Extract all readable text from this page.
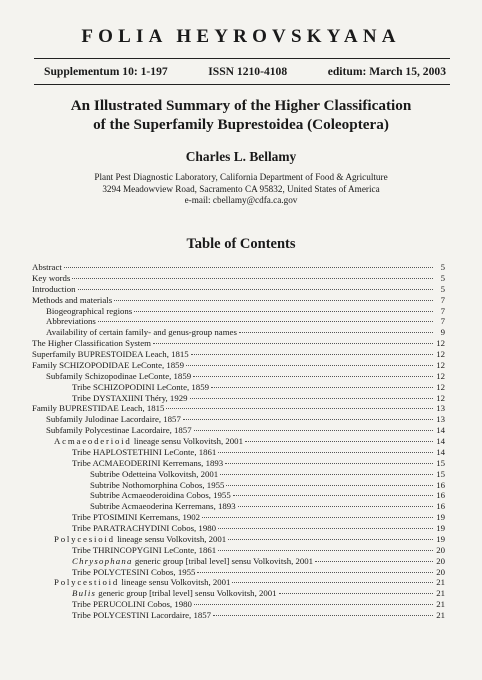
FOLIA HEYROVSKYANA
Supplementum 10: 1-197	ISSN 1210-4108	editum: March 15, 2003
An Illustrated Summary of the Higher Classification
of the Superfamily Buprestoidea (Coleoptera)
Charles L. Bellamy
Plant Pest Diagnostic Laboratory, California Department of Food & Agriculture
3294 Meadowview Road, Sacramento CA 95832, United States of America
e-mail: cbellamy@cdfa.ca.gov
Table of Contents
Abstract	5
Key words	5
Introduction	5
Methods and materials	7
Biogeographical regions	7
Abbreviations	7
Availability of certain family- and genus-group names	9
The Higher Classification System	12
Superfamily BUPRESTOIDEA Leach, 1815	12
Family SCHIZOPODIDAE LeConte, 1859	12
Subfamily Schizopodinae LeConte, 1859	12
Tribe SCHIZOPODINI LeConte, 1859	12
Tribe DYSTAXIINI Théry, 1929	12
Family BUPRESTIDAE Leach, 1815	13
Subfamily Julodinae Lacordaire, 1857	13
Subfamily Polycestinae Lacordaire, 1857	14
Acmaeoderioid lineage sensu Volkovitsh, 2001	14
Tribe HAPLOSTETHINI LeConte, 1861	14
Tribe ACMAEODERINI Kerremans, 1893	15
Subtribe Odetteina Volkovitsh, 2001	15
Subtribe Nothomorphina Cobos, 1955	16
Subtribe Acmaeoderoidina Cobos, 1955	16
Subtribe Acmaeoderina Kerremans, 1893	16
Tribe PTOSIMINI Kerremans, 1902	19
Tribe PARATRACHYDINI Cobos, 1980	19
Polycesioid lineage sensu Volkovitsh, 2001	19
Tribe THRINCOPYGINI LeConte, 1861	20
Chrysophana generic group [tribal level] sensu Volkovitsh, 2001	20
Tribe POLYCTESINI Cobos, 1955	20
Polycestioid lineage sensu Volkovitsh, 2001	21
Bulis generic group [tribal level] sensu Volkovitsh, 2001	21
Tribe PERUCOLINI Cobos, 1980	21
Tribe POLYCESTINI Lacordaire, 1857	21
